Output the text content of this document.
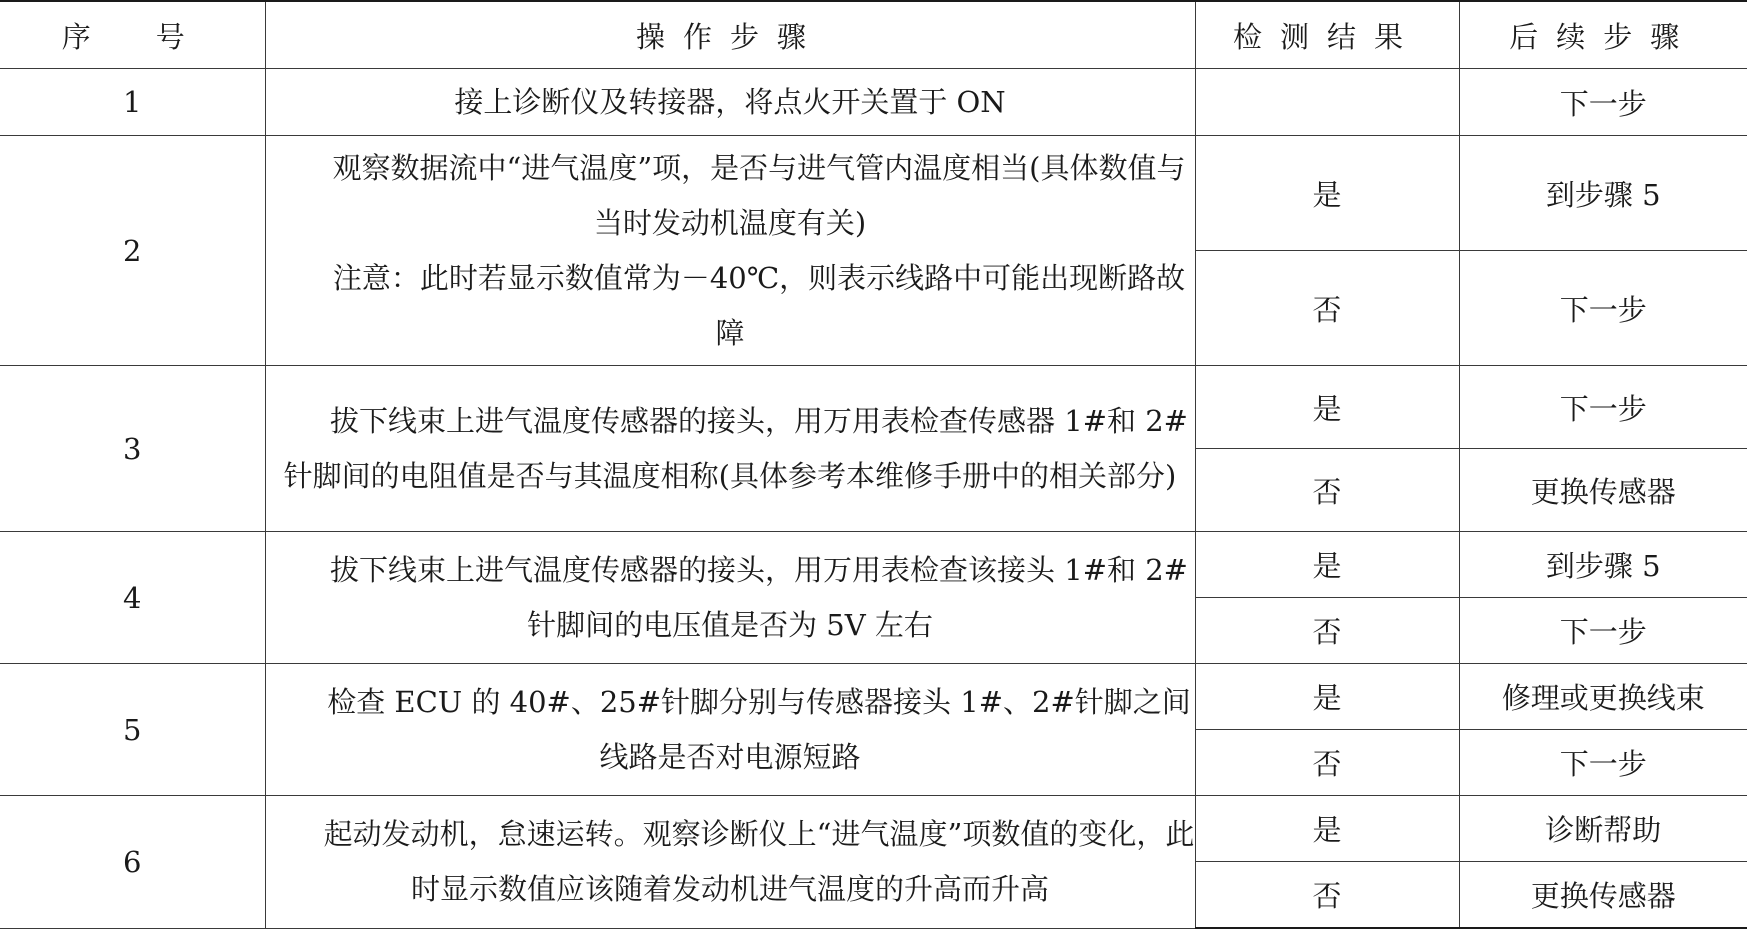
序　号	操作步骤	检测结果	后续步骤
1	接上诊断仪及转接器，将点火开关置于 ON		下一步
2	观察数据流中“进气温度”项，是否与进气管内温度相当(具体数值与当时发动机温度有关)

注意：此时若显示数值常为－40℃，则表示线路中可能出现断路故障	是	到步骤 5
		否	下一步
3	拔下线束上进气温度传感器的接头，用万用表检查传感器 1#和 2#针脚间的电阻值是否与其温度相称(具体参考本维修手册中的相关部分)	是	下一步
		否	更换传感器
4	拔下线束上进气温度传感器的接头，用万用表检查该接头 1#和 2#针脚间的电压值是否为 5V 左右	是	到步骤 5
		否	下一步
5	检查 ECU 的 40#、25#针脚分别与传感器接头 1#、2#针脚之间线路是否对电源短路	是	修理或更换线束
		否	下一步
6	起动发动机，怠速运转。观察诊断仪上“进气温度”项数值的变化，此时显示数值应该随着发动机进气温度的升高而升高	是	诊断帮助
		否	更换传感器
